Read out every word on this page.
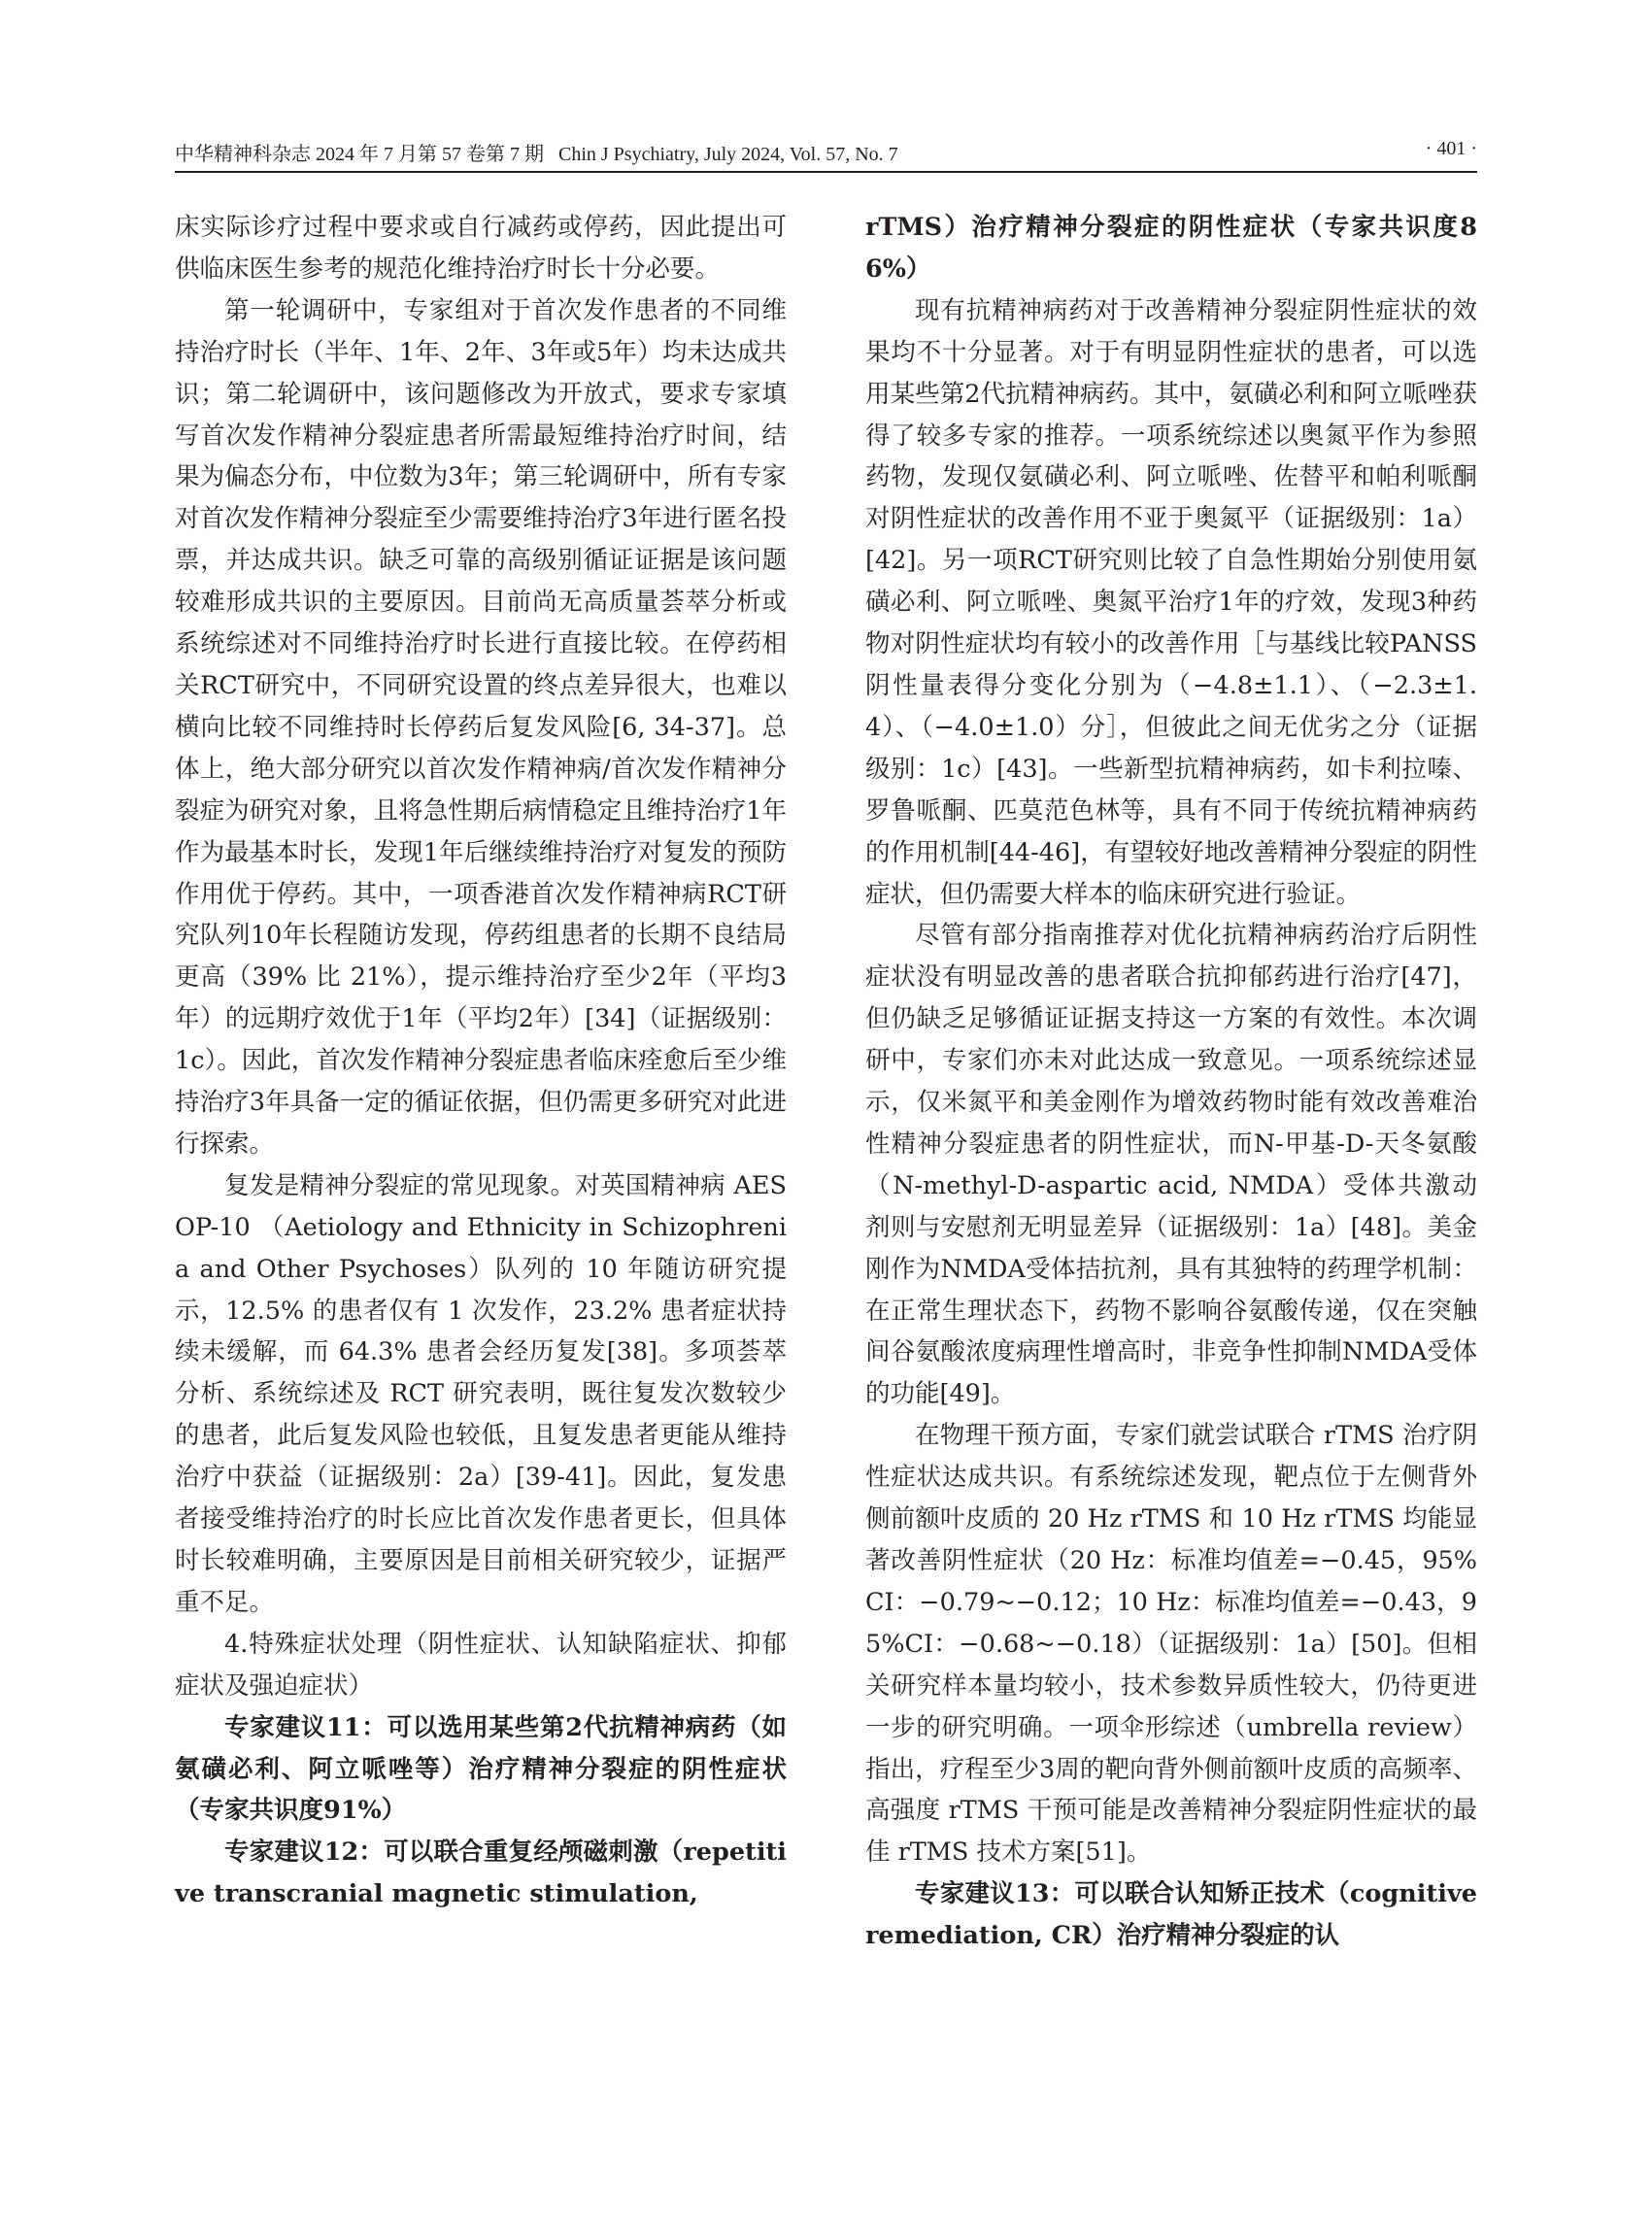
中华精神科杂志 2024 年 7 月第 57 卷第 7 期 Chin J Psychiatry, July 2024, Vol. 57, No. 7	· 401 ·

床实际诊疗过程中要求或自行减药或停药，因此提出可供临床医生参考的规范化维持治疗时长十分必要。

第一轮调研中，专家组对于首次发作患者的不同维持治疗时长（半年、1年、2年、3年或5年）均未达成共识；第二轮调研中，该问题修改为开放式，要求专家填写首次发作精神分裂症患者所需最短维持治疗时间，结果为偏态分布，中位数为3年；第三轮调研中，所有专家对首次发作精神分裂症至少需要维持治疗3年进行匿名投票，并达成共识。缺乏可靠的高级别循证证据是该问题较难形成共识的主要原因。目前尚无高质量荟萃分析或系统综述对不同维持治疗时长进行直接比较。在停药相关RCT研究中，不同研究设置的终点差异很大，也难以横向比较不同维持时长停药后复发风险[6, 34-37]。总体上，绝大部分研究以首次发作精神病/首次发作精神分裂症为研究对象，且将急性期后病情稳定且维持治疗1年作为最基本时长，发现1年后继续维持治疗对复发的预防作用优于停药。其中，一项香港首次发作精神病RCT研究队列10年长程随访发现，停药组患者的长期不良结局更高（39% 比 21%），提示维持治疗至少2年（平均3年）的远期疗效优于1年（平均2年）[34]（证据级别：1c）。因此，首次发作精神分裂症患者临床痊愈后至少维持治疗3年具备一定的循证依据，但仍需更多研究对此进行探索。

复发是精神分裂症的常见现象。对英国精神病 AESOP-10 （Aetiology and Ethnicity in Schizophrenia and Other Psychoses）队列的 10 年随访研究提示，12.5% 的患者仅有 1 次发作，23.2% 患者症状持续未缓解，而 64.3% 患者会经历复发[38]。多项荟萃分析、系统综述及 RCT 研究表明，既往复发次数较少的患者，此后复发风险也较低，且复发患者更能从维持治疗中获益（证据级别：2a）[39-41]。因此，复发患者接受维持治疗的时长应比首次发作患者更长，但具体时长较难明确，主要原因是目前相关研究较少，证据严重不足。

4.特殊症状处理（阴性症状、认知缺陷症状、抑郁症状及强迫症状）

专家建议11：可以选用某些第2代抗精神病药（如氨磺必利、阿立哌唑等）治疗精神分裂症的阴性症状（专家共识度91%）

专家建议12：可以联合重复经颅磁刺激（repetitive transcranial magnetic stimulation,

rTMS）治疗精神分裂症的阴性症状（专家共识度86%）

现有抗精神病药对于改善精神分裂症阴性症状的效果均不十分显著。对于有明显阴性症状的患者，可以选用某些第2代抗精神病药。其中，氨磺必利和阿立哌唑获得了较多专家的推荐。一项系统综述以奥氮平作为参照药物，发现仅氨磺必利、阿立哌唑、佐替平和帕利哌酮对阴性症状的改善作用不亚于奥氮平（证据级别：1a）[42]。另一项RCT研究则比较了自急性期始分别使用氨磺必利、阿立哌唑、奥氮平治疗1年的疗效，发现3种药物对阴性症状均有较小的改善作用［与基线比较PANSS阴性量表得分变化分别为（−4.8±1.1）、（−2.3±1.4）、（−4.0±1.0）分］，但彼此之间无优劣之分（证据级别：1c）[43]。一些新型抗精神病药，如卡利拉嗪、罗鲁哌酮、匹莫范色林等，具有不同于传统抗精神病药的作用机制[44-46]，有望较好地改善精神分裂症的阴性症状，但仍需要大样本的临床研究进行验证。

尽管有部分指南推荐对优化抗精神病药治疗后阴性症状没有明显改善的患者联合抗抑郁药进行治疗[47]，但仍缺乏足够循证证据支持这一方案的有效性。本次调研中，专家们亦未对此达成一致意见。一项系统综述显示，仅米氮平和美金刚作为增效药物时能有效改善难治性精神分裂症患者的阴性症状，而N-甲基-D-天冬氨酸（N-methyl-D-aspartic acid, NMDA）受体共激动剂则与安慰剂无明显差异（证据级别：1a）[48]。美金刚作为NMDA受体拮抗剂，具有其独特的药理学机制：在正常生理状态下，药物不影响谷氨酸传递，仅在突触间谷氨酸浓度病理性增高时，非竞争性抑制NMDA受体的功能[49]。

在物理干预方面，专家们就尝试联合 rTMS 治疗阴性症状达成共识。有系统综述发现，靶点位于左侧背外侧前额叶皮质的 20 Hz rTMS 和 10 Hz rTMS 均能显著改善阴性症状（20 Hz：标准均值差=−0.45，95%CI：−0.79~−0.12；10 Hz：标准均值差=−0.43，95%CI：−0.68~−0.18）（证据级别：1a）[50]。但相关研究样本量均较小，技术参数异质性较大，仍待更进一步的研究明确。一项伞形综述（umbrella review）指出，疗程至少3周的靶向背外侧前额叶皮质的高频率、高强度 rTMS 干预可能是改善精神分裂症阴性症状的最佳 rTMS 技术方案[51]。

专家建议13：可以联合认知矫正技术（cognitive remediation, CR）治疗精神分裂症的认
